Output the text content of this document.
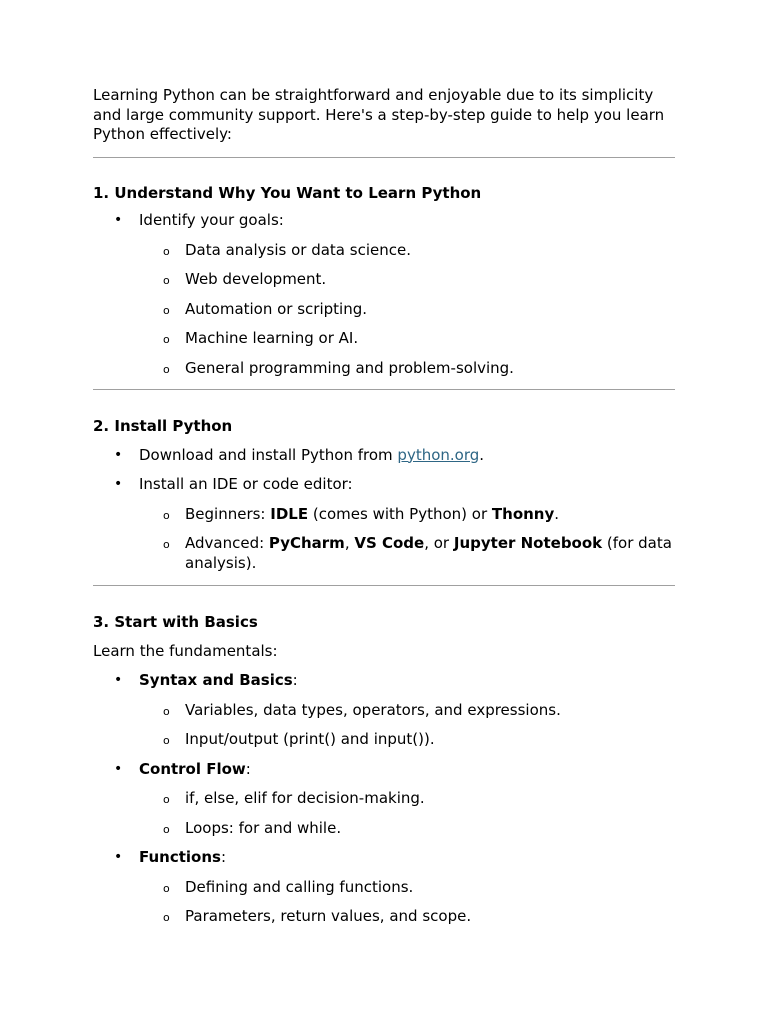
Learning Python can be straightforward and enjoyable due to its simplicity and large community support. Here's a step-by-step guide to help you learn Python effectively:

1. Understand Why You Want to Learn Python
• Identify your goals:
o Data analysis or data science.
o Web development.
o Automation or scripting.
o Machine learning or AI.
o General programming and problem-solving.
2. Install Python
• Download and install Python from python.org.
• Install an IDE or code editor:
o Beginners: IDLE (comes with Python) or Thonny.
o Advanced: PyCharm, VS Code, or Jupyter Notebook (for data analysis).
3. Start with Basics

Learn the fundamentals:

• Syntax and Basics:
o Variables, data types, operators, and expressions.
o Input/output (print() and input()).
• Control Flow:
o if, else, elif for decision-making.
o Loops: for and while.
• Functions:
o Defining and calling functions.
o Parameters, return values, and scope.
